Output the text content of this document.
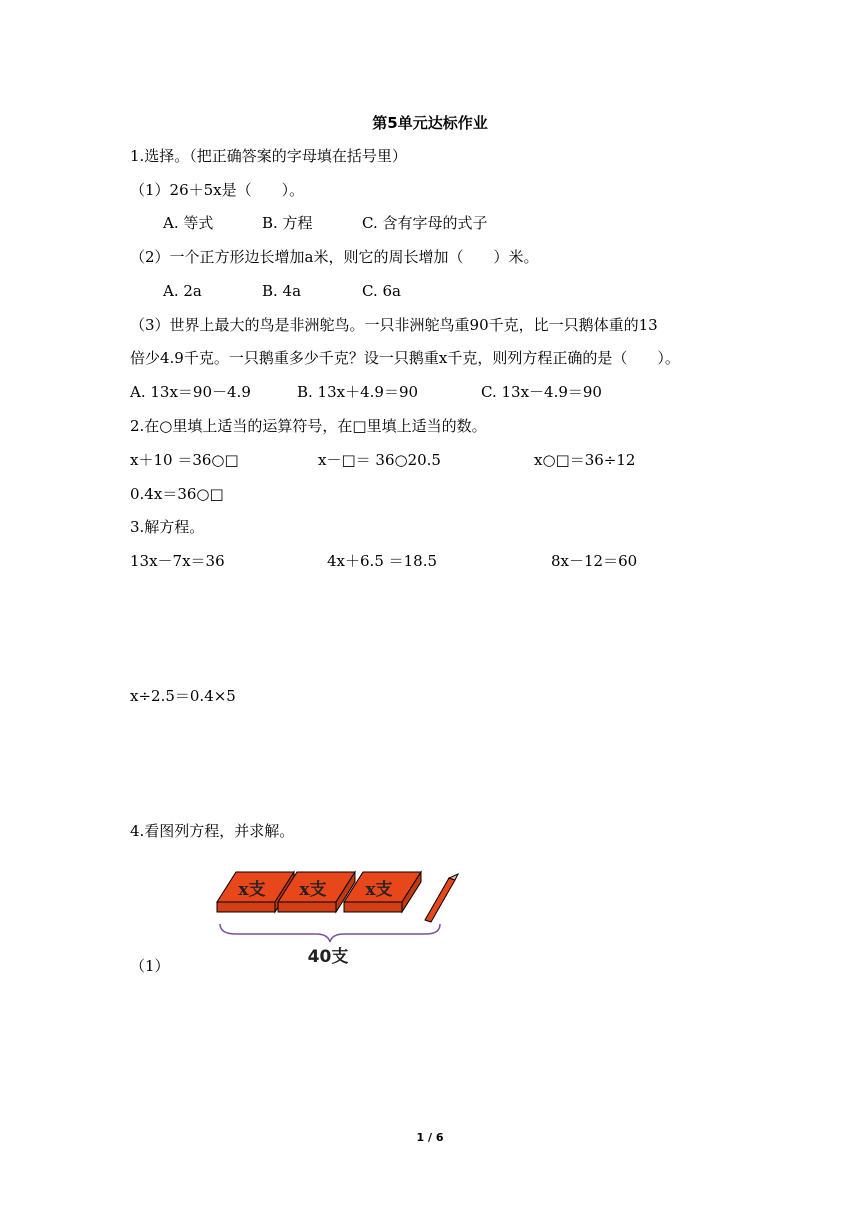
第5单元达标作业
1.选择。（把正确答案的字母填在括号里）
（1）26＋5x是（　　）。
A. 等式	B. 方程	C. 含有字母的式子
（2）一个正方形边长增加a米，则它的周长增加（　　）米。
A. 2a	B. 4a	C. 6a
（3）世界上最大的鸟是非洲鸵鸟。一只非洲鸵鸟重90千克，比一只鹅体重的13
倍少4.9千克。一只鹅重多少千克？设一只鹅重x千克，则列方程正确的是（　　）。
A. 13x＝90－4.9	B. 13x＋4.9＝90	C. 13x－4.9＝90
2.在○里填上适当的运算符号，在□里填上适当的数。
x＋10 ＝36○□	x－□＝ 36○20.5	x○□＝36÷12
0.4x＝36○□
3.解方程。
13x－7x＝36	4x＋6.5 ＝18.5	8x－12＝60
x÷2.5＝0.4×5
4.看图列方程，并求解。
（1）
x支 x支 x支
40支
1 / 6
